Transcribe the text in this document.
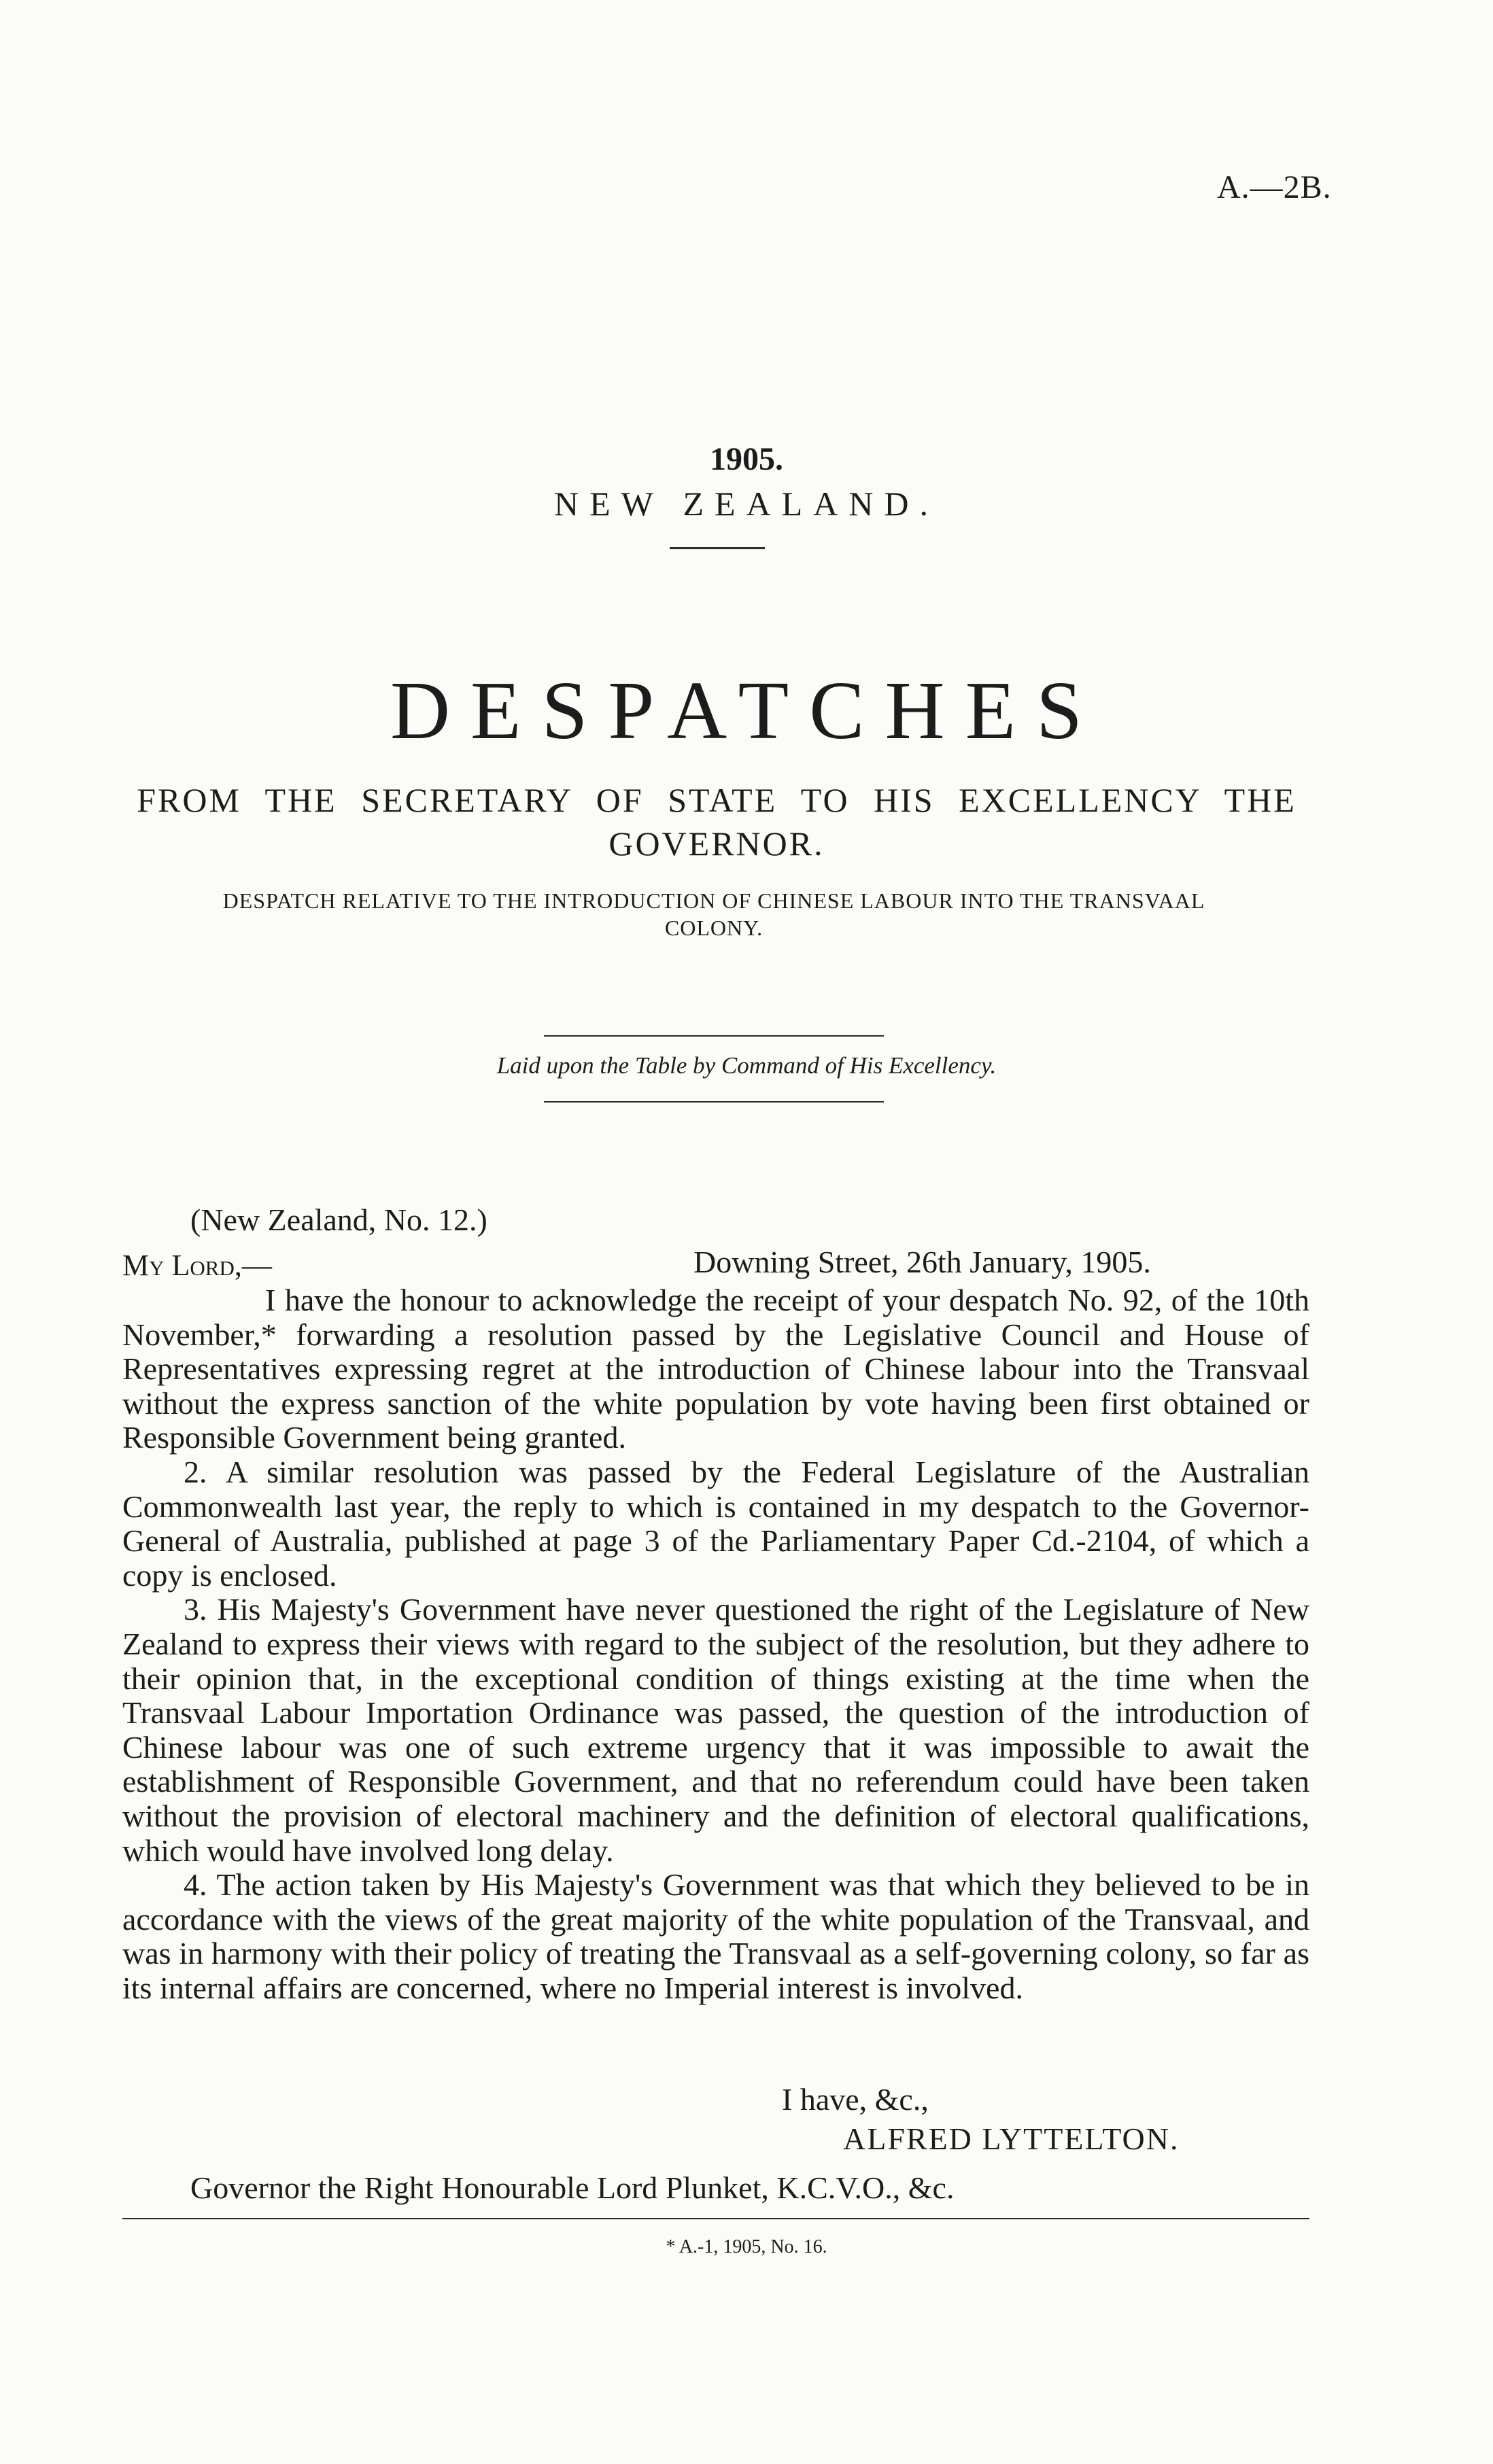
A.—2B.
1905.
NEW ZEALAND.
DESPATCHES
FROM THE SECRETARY OF STATE TO HIS EXCELLENCY THE GOVERNOR.
DESPATCH RELATIVE TO THE INTRODUCTION OF CHINESE LABOUR INTO THE TRANSVAAL COLONY.
Laid upon the Table by Command of His Excellency.
(New Zealand, No. 12.)
My Lord,—	Downing Street, 26th January, 1905.

I have the honour to acknowledge the receipt of your despatch No. 92, of the 10th November,* forwarding a resolution passed by the Legislative Council and House of Representatives expressing regret at the introduction of Chinese labour into the Transvaal without the express sanction of the white population by vote having been first obtained or Responsible Government being granted.

2. A similar resolution was passed by the Federal Legislature of the Australian Commonwealth last year, the reply to which is contained in my despatch to the Governor-General of Australia, published at page 3 of the Parliamentary Paper Cd.-2104, of which a copy is enclosed.

3. His Majesty's Government have never questioned the right of the Legislature of New Zealand to express their views with regard to the subject of the resolution, but they adhere to their opinion that, in the exceptional condition of things existing at the time when the Transvaal Labour Importation Ordinance was passed, the question of the introduction of Chinese labour was one of such extreme urgency that it was impossible to await the establishment of Responsible Government, and that no referendum could have been taken without the provision of electoral machinery and the definition of electoral qualifications, which would have involved long delay.

4. The action taken by His Majesty's Government was that which they believed to be in accordance with the views of the great majority of the white population of the Transvaal, and was in harmony with their policy of treating the Transvaal as a self-governing colony, so far as its internal affairs are concerned, where no Imperial interest is involved.

I have, &c.,
ALFRED LYTTELTON.
Governor the Right Honourable Lord Plunket, K.C.V.O., &c.
* A.-1, 1905, No. 16.
